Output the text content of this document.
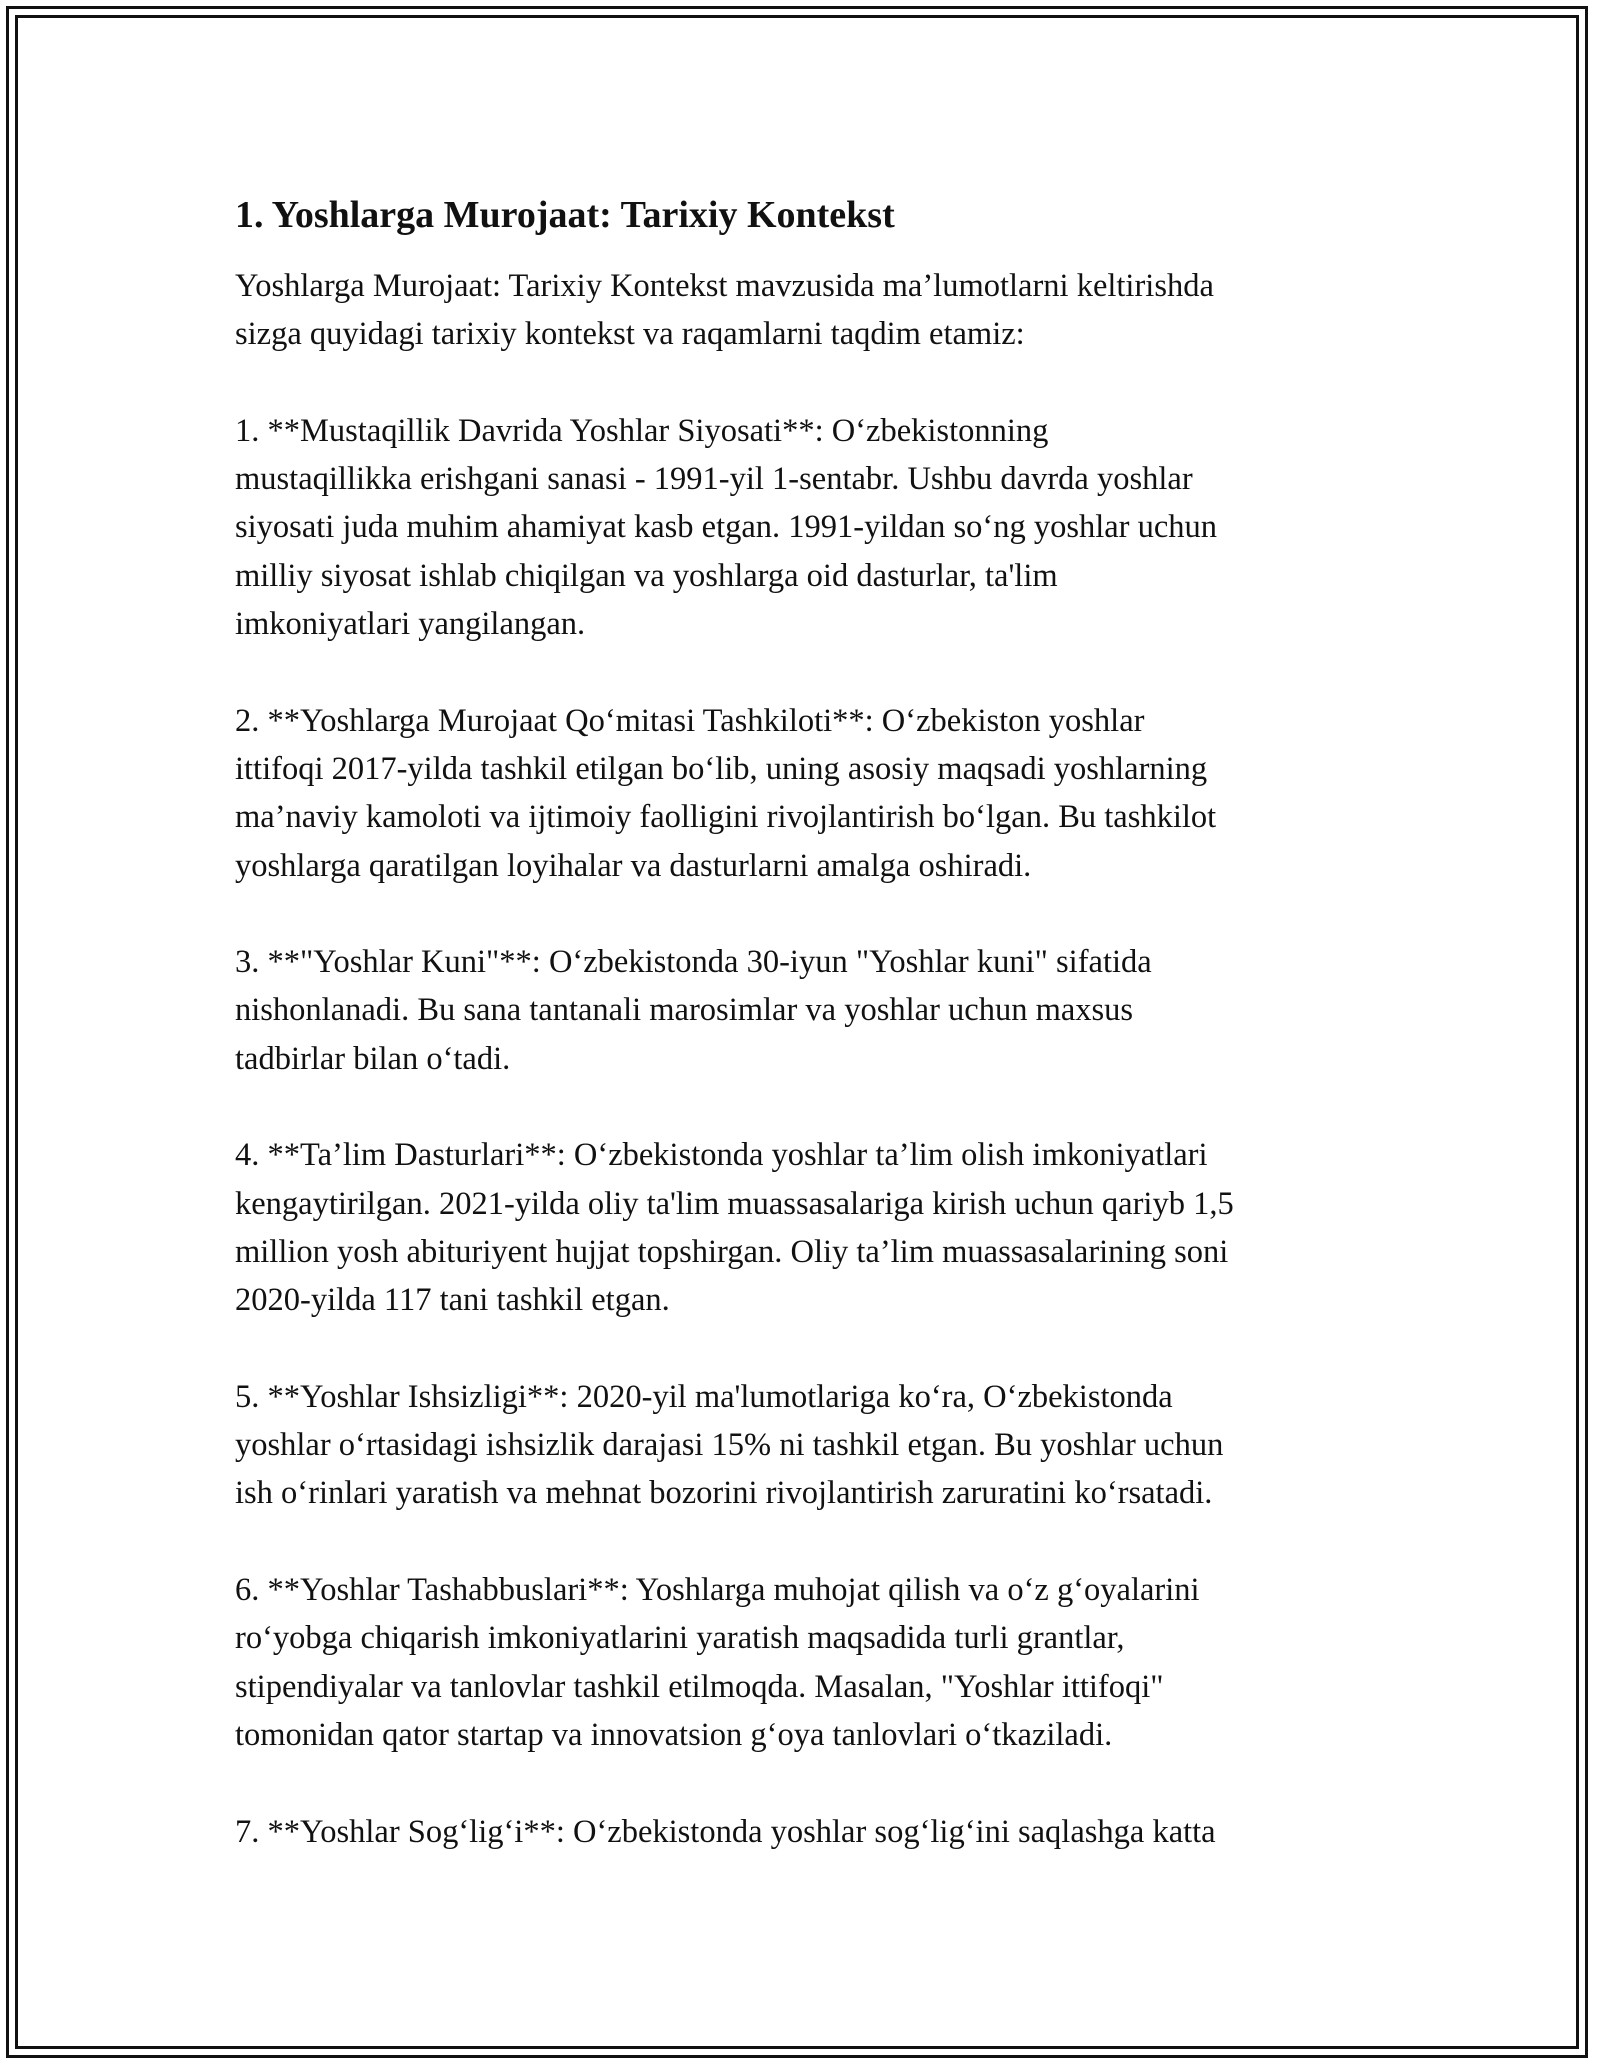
1. Yoshlarga Murojaat: Tarixiy Kontekst

Yoshlarga Murojaat: Tarixiy Kontekst mavzusida ma’lumotlarni keltirishda
sizga quyidagi tarixiy kontekst va raqamlarni taqdim etamiz:

1. **Mustaqillik Davrida Yoshlar Siyosati**: O‘zbekistonning
mustaqillikka erishgani sanasi - 1991-yil 1-sentabr. Ushbu davrda yoshlar
siyosati juda muhim ahamiyat kasb etgan. 1991-yildan so‘ng yoshlar uchun
milliy siyosat ishlab chiqilgan va yoshlarga oid dasturlar, ta'lim
imkoniyatlari yangilangan.

2. **Yoshlarga Murojaat Qo‘mitasi Tashkiloti**: O‘zbekiston yoshlar
ittifoqi 2017-yilda tashkil etilgan bo‘lib, uning asosiy maqsadi yoshlarning
ma’naviy kamoloti va ijtimoiy faolligini rivojlantirish bo‘lgan. Bu tashkilot
yoshlarga qaratilgan loyihalar va dasturlarni amalga oshiradi.

3. **"Yoshlar Kuni"**: O‘zbekistonda 30-iyun "Yoshlar kuni" sifatida
nishonlanadi. Bu sana tantanali marosimlar va yoshlar uchun maxsus
tadbirlar bilan o‘tadi.

4. **Ta’lim Dasturlari**: O‘zbekistonda yoshlar ta’lim olish imkoniyatlari
kengaytirilgan. 2021-yilda oliy ta'lim muassasalariga kirish uchun qariyb 1,5
million yosh abituriyent hujjat topshirgan. Oliy ta’lim muassasalarining soni
2020-yilda 117 tani tashkil etgan.

5. **Yoshlar Ishsizligi**: 2020-yil ma'lumotlariga ko‘ra, O‘zbekistonda
yoshlar o‘rtasidagi ishsizlik darajasi 15% ni tashkil etgan. Bu yoshlar uchun
ish o‘rinlari yaratish va mehnat bozorini rivojlantirish zaruratini ko‘rsatadi.

6. **Yoshlar Tashabbuslari**: Yoshlarga muhojat qilish va o‘z g‘oyalarini
ro‘yobga chiqarish imkoniyatlarini yaratish maqsadida turli grantlar,
stipendiyalar va tanlovlar tashkil etilmoqda. Masalan, "Yoshlar ittifoqi"
tomonidan qator startap va innovatsion g‘oya tanlovlari o‘tkaziladi.

7. **Yoshlar Sog‘lig‘i**: O‘zbekistonda yoshlar sog‘lig‘ini saqlashga katta
